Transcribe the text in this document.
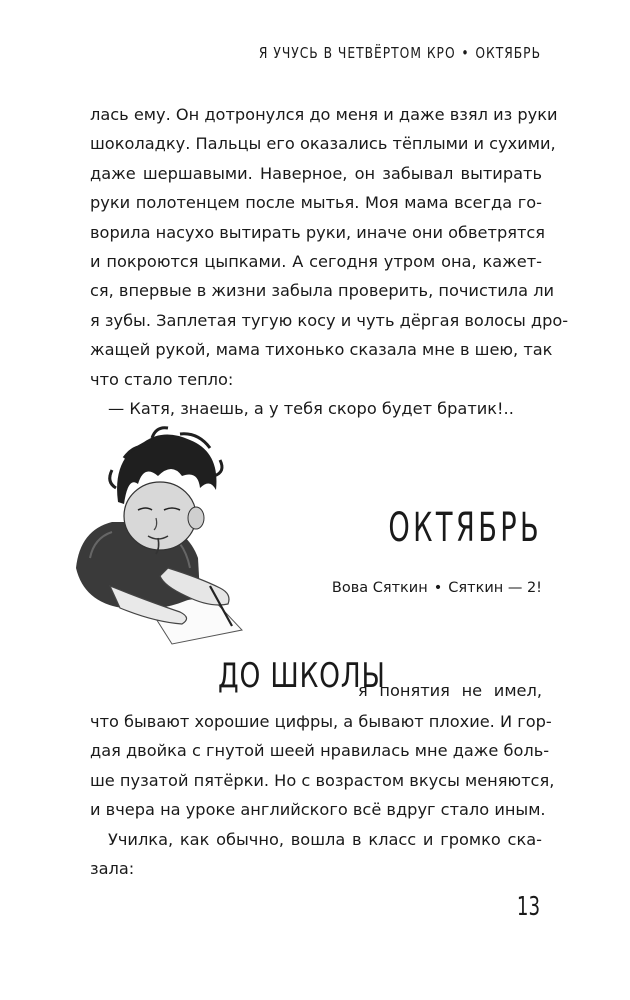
Я УЧУСЬ В ЧЕТВЁРТОМ КРО • ОКТЯБРЬ
лась ему. Он дотронулся до меня и даже взял из руки
шоколадку. Пальцы его оказались тёплыми и сухими,
даже шершавыми. Наверное, он забывал вытирать
руки полотенцем после мытья. Моя мама всегда го-
ворила насухо вытирать руки, иначе они обветрятся
и покроются цыпками. А сегодня утром она, кажет-
ся, впервые в жизни забыла проверить, почистила ли
я зубы. Заплетая тугую косу и чуть дёргая волосы дро-
жащей рукой, мама тихонько сказала мне в шею, так
что стало тепло:
— Катя, знаешь, а у тебя скоро будет братик!..
ОКТЯБРЬ
Вова Сяткин • Сяткин — 2!
ДО ШКОЛЫ
я понятия не имел,
что бывают хорошие цифры, а бывают плохие. И гор-
дая двойка с гнутой шеей нравилась мне даже боль-
ше пузатой пятёрки. Но с возрастом вкусы меняются,
и вчера на уроке английского всё вдруг стало иным.
Училка, как обычно, вошла в класс и громко ска-
зала:
13
